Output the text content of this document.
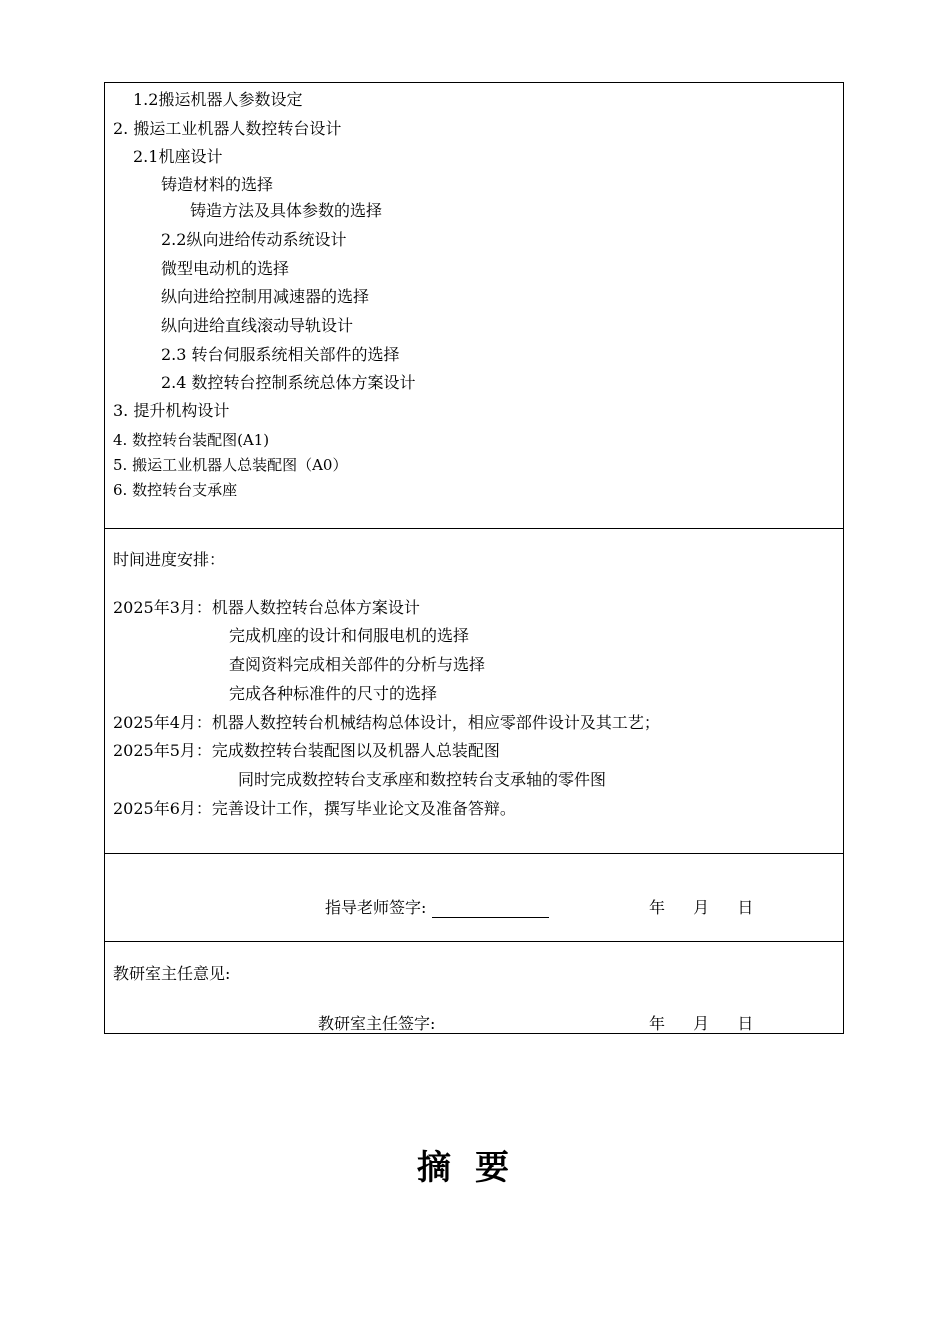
1.2搬运机器人参数设定
2. 搬运工业机器人数控转台设计
2.1机座设计
铸造材料的选择
铸造方法及具体参数的选择
2.2纵向进给传动系统设计
微型电动机的选择
纵向进给控制用减速器的选择
纵向进给直线滚动导轨设计
2.3 转台伺服系统相关部件的选择
2.4 数控转台控制系统总体方案设计
3. 提升机构设计
4. 数控转台装配图(A1)
5. 搬运工业机器人总装配图（A0）
6. 数控转台支承座
时间进度安排：
2025年3月：机器人数控转台总体方案设计
完成机座的设计和伺服电机的选择
查阅资料完成相关部件的分析与选择
完成各种标准件的尺寸的选择
2025年4月：机器人数控转台机械结构总体设计，相应零部件设计及其工艺；
2025年5月：完成数控转台装配图以及机器人总装配图
同时完成数控转台支承座和数控转台支承轴的零件图
2025年6月：完善设计工作，撰写毕业论文及准备答辩。
指导老师签字:	年  月  日
教研室主任意见:
教研室主任签字:	年  月  日
摘要
